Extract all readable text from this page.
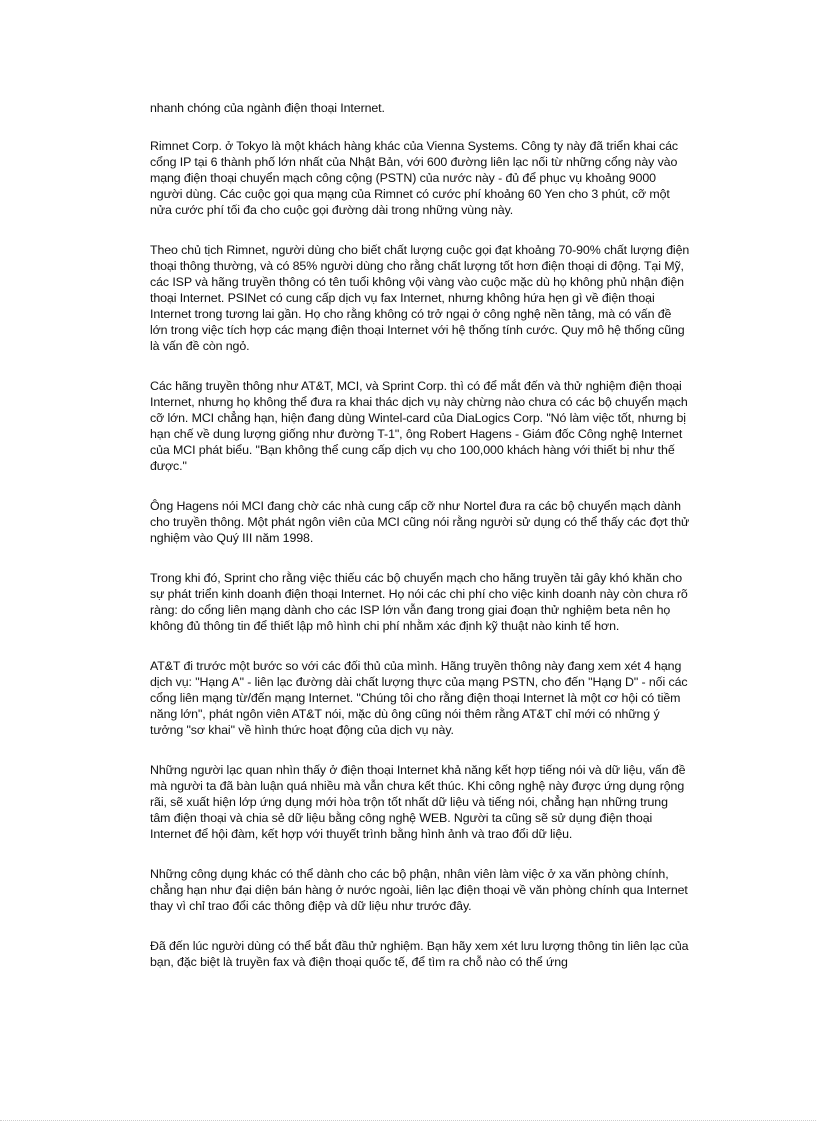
nhanh chóng của ngành điện thoại Internet.

Rimnet Corp. ở Tokyo là một khách hàng khác của Vienna Systems. Công ty này đã triển khai các cổng IP tại 6 thành phố lớn nhất của Nhật Bản, với 600 đường liên lạc nối từ những cổng này vào mạng điện thoại chuyển mạch công cộng (PSTN) của nước này - đủ để phục vụ khoảng 9000 người dùng. Các cuộc gọi qua mạng của Rimnet có cước phí khoảng 60 Yen cho 3 phút, cỡ một nửa cước phí tối đa cho cuộc gọi đường dài trong những vùng này.

Theo chủ tịch Rimnet, người dùng cho biết chất lượng cuộc gọi đạt khoảng 70-90% chất lượng điện thoại thông thường, và có 85% người dùng cho rằng chất lượng tốt hơn điện thoại di động. Tại Mỹ, các ISP và hãng truyền thông có tên tuổi không vội vàng vào cuộc mặc dù họ không phủ nhận điện thoại Internet. PSINet có cung cấp dịch vụ fax Internet, nhưng không hứa hẹn gì về điện thoại Internet trong tương lai gần. Họ cho rằng không có trở ngại ở công nghệ nền tảng, mà có vấn đề lớn trong việc tích hợp các mạng điện thoại Internet với hệ thống tính cước. Quy mô hệ thống cũng là vấn đề còn ngỏ.

Các hãng truyền thông như AT&T, MCI, và Sprint Corp. thì có để mắt đến và thử nghiệm điện thoại Internet, nhưng họ không thể đưa ra khai thác dịch vụ này chừng nào chưa có các bộ chuyển mạch cỡ lớn. MCI chẳng hạn, hiện đang dùng Wintel-card của DiaLogics Corp. "Nó làm việc tốt, nhưng bị hạn chế về dung lượng giống như đường T-1", ông Robert Hagens - Giám đốc Công nghệ Internet của MCI phát biểu. "Bạn không thể cung cấp dịch vụ cho 100,000 khách hàng với thiết bị như thế được."

Ông Hagens nói MCI đang chờ các nhà cung cấp cỡ như Nortel đưa ra các bộ chuyển mạch dành cho truyền thông. Một phát ngôn viên của MCI cũng nói rằng người sử dụng có thể thấy các đợt thử nghiệm vào Quý III năm 1998.

Trong khi đó, Sprint cho rằng việc thiếu các bộ chuyển mạch cho hãng truyền tải gây khó khăn cho sự phát triển kinh doanh điện thoại Internet. Họ nói các chi phí cho việc kinh doanh này còn chưa rõ ràng: do cổng liên mạng dành cho các ISP lớn vẫn đang trong giai đoạn thử nghiệm beta nên họ không đủ thông tin để thiết lập mô hình chi phí nhằm xác định kỹ thuật nào kinh tế hơn.

AT&T đi trước một bước so với các đối thủ của mình. Hãng truyền thông này đang xem xét 4 hạng dịch vụ: "Hạng A" - liên lạc đường dài chất lượng thực của mạng PSTN, cho đến "Hạng D" - nối các cổng liên mạng từ/đến mạng Internet. "Chúng tôi cho rằng điện thoại Internet là một cơ hội có tiềm năng lớn", phát ngôn viên AT&T nói, mặc dù ông cũng nói thêm rằng AT&T chỉ mới có những ý tưởng "sơ khai" về hình thức hoạt động của dịch vụ này.

Những người lạc quan nhìn thấy ở điện thoại Internet khả năng kết hợp tiếng nói và dữ liệu, vấn đề mà người ta đã bàn luận quá nhiều mà vẫn chưa kết thúc. Khi công nghệ này được ứng dụng rộng rãi, sẽ xuất hiện lớp ứng dụng mới hòa trộn tốt nhất dữ liệu và tiếng nói, chẳng hạn những trung tâm điện thoại và chia sẻ dữ liệu bằng công nghệ WEB. Người ta cũng sẽ sử dụng điện thoại Internet để hội đàm, kết hợp với thuyết trình bằng hình ảnh và trao đổi dữ liệu.

Những công dụng khác có thể dành cho các bộ phận, nhân viên làm việc ở xa văn phòng chính, chẳng hạn như đại diện bán hàng ở nước ngoài, liên lạc điện thoại về văn phòng chính qua Internet thay vì chỉ trao đổi các thông điệp và dữ liệu như trước đây.

Đã đến lúc người dùng có thể bắt đầu thử nghiệm. Bạn hãy xem xét lưu lượng thông tin liên lạc của bạn, đặc biệt là truyền fax và điện thoại quốc tế, để tìm ra chỗ nào có thể ứng
